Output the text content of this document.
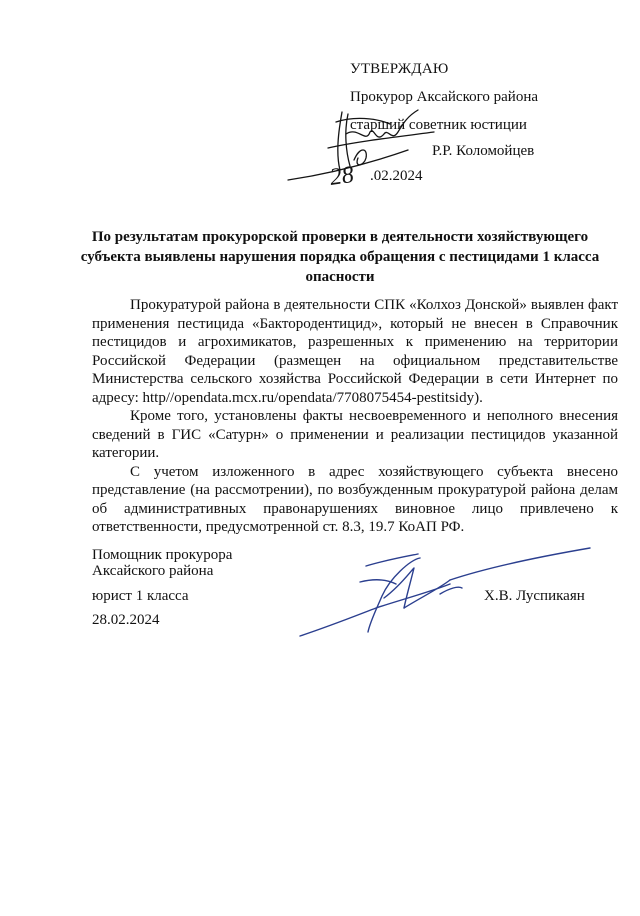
УТВЕРЖДАЮ
Прокурор Аксайского района
старший советник юстиции
Р.Р. Коломойцев
.02.2024
28
По результатам прокурорской проверки в деятельности хозяйствующего субъекта выявлены нарушения порядка обращения с пестицидами 1 класса опасности

Прокуратурой района в деятельности СПК «Колхоз Донской» выявлен факт применения пестицида «Бактородентицид», который не внесен в Справочник пестицидов и агрохимикатов, разрешенных к применению на территории Российской Федерации (размещен на официальном представительстве Министерства сельского хозяйства Российской Федерации в сети Интернет по адресу: http//opendata.mcx.ru/opendata/7708075454-pestitsidy).

Кроме того, установлены факты несвоевременного и неполного внесения сведений в ГИС «Сатурн» о применении и реализации пестицидов указанной категории.

С учетом изложенного в адрес хозяйствующего субъекта внесено представление (на рассмотрении), по возбужденным прокуратурой района делам об административных правонарушениях виновное лицо привлечено к ответственности, предусмотренной ст. 8.3, 19.7 КоАП РФ.

Помощник прокурора
Аксайского района
юрист 1 класса	Х.В. Луспикаян
28.02.2024
